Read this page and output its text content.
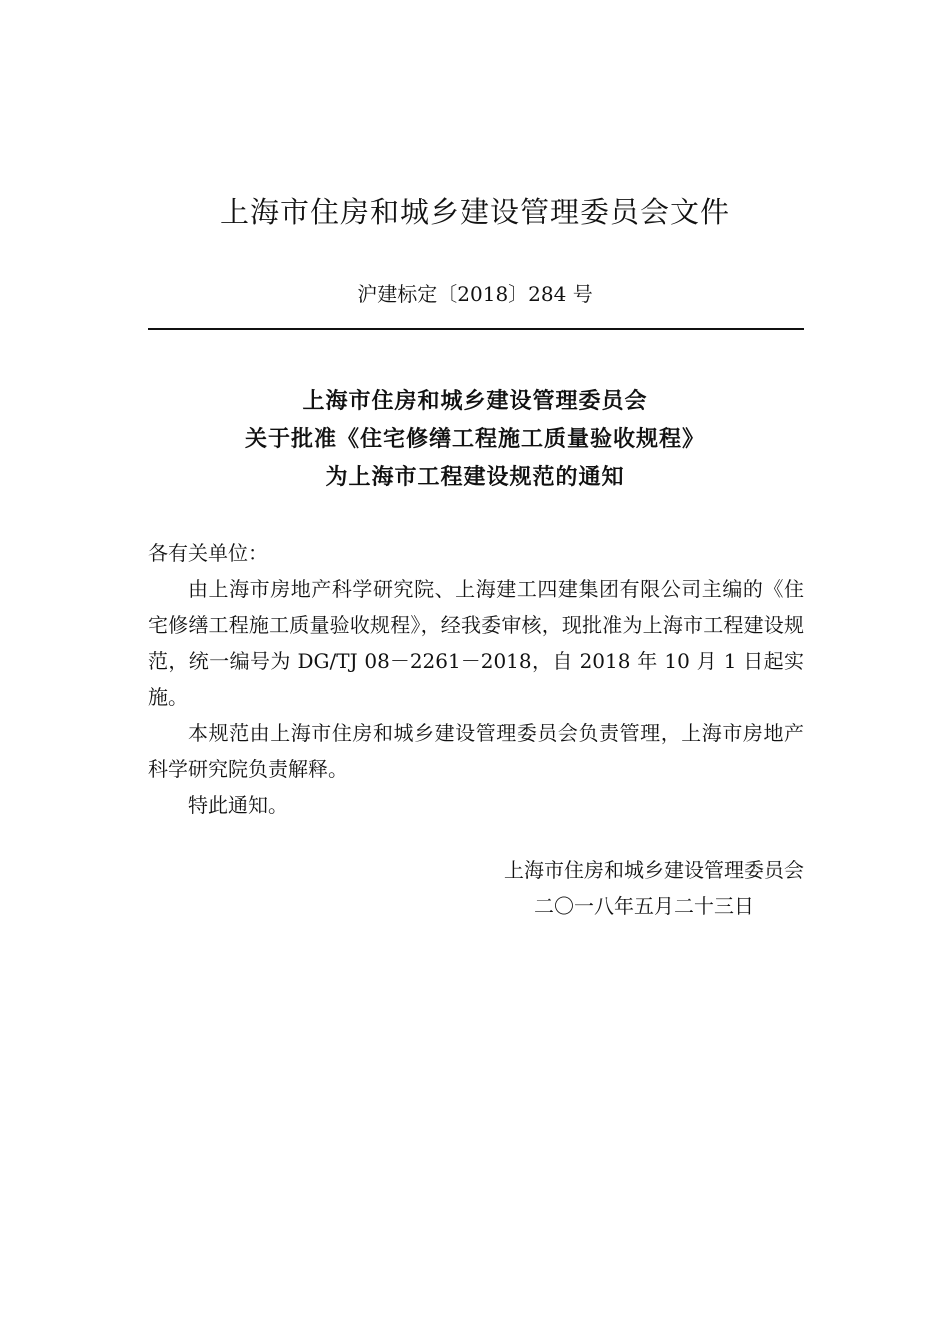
上海市住房和城乡建设管理委员会文件
沪建标定〔2018〕284 号
上海市住房和城乡建设管理委员会
关于批准《住宅修缮工程施工质量验收规程》
为上海市工程建设规范的通知

各有关单位：

由上海市房地产科学研究院、上海建工四建集团有限公司主编的《住宅修缮工程施工质量验收规程》，经我委审核，现批准为上海市工程建设规范，统一编号为 DG/TJ 08－2261－2018，自 2018 年 10 月 1 日起实施。

本规范由上海市住房和城乡建设管理委员会负责管理，上海市房地产科学研究院负责解释。

特此通知。

上海市住房和城乡建设管理委员会
二〇一八年五月二十三日
